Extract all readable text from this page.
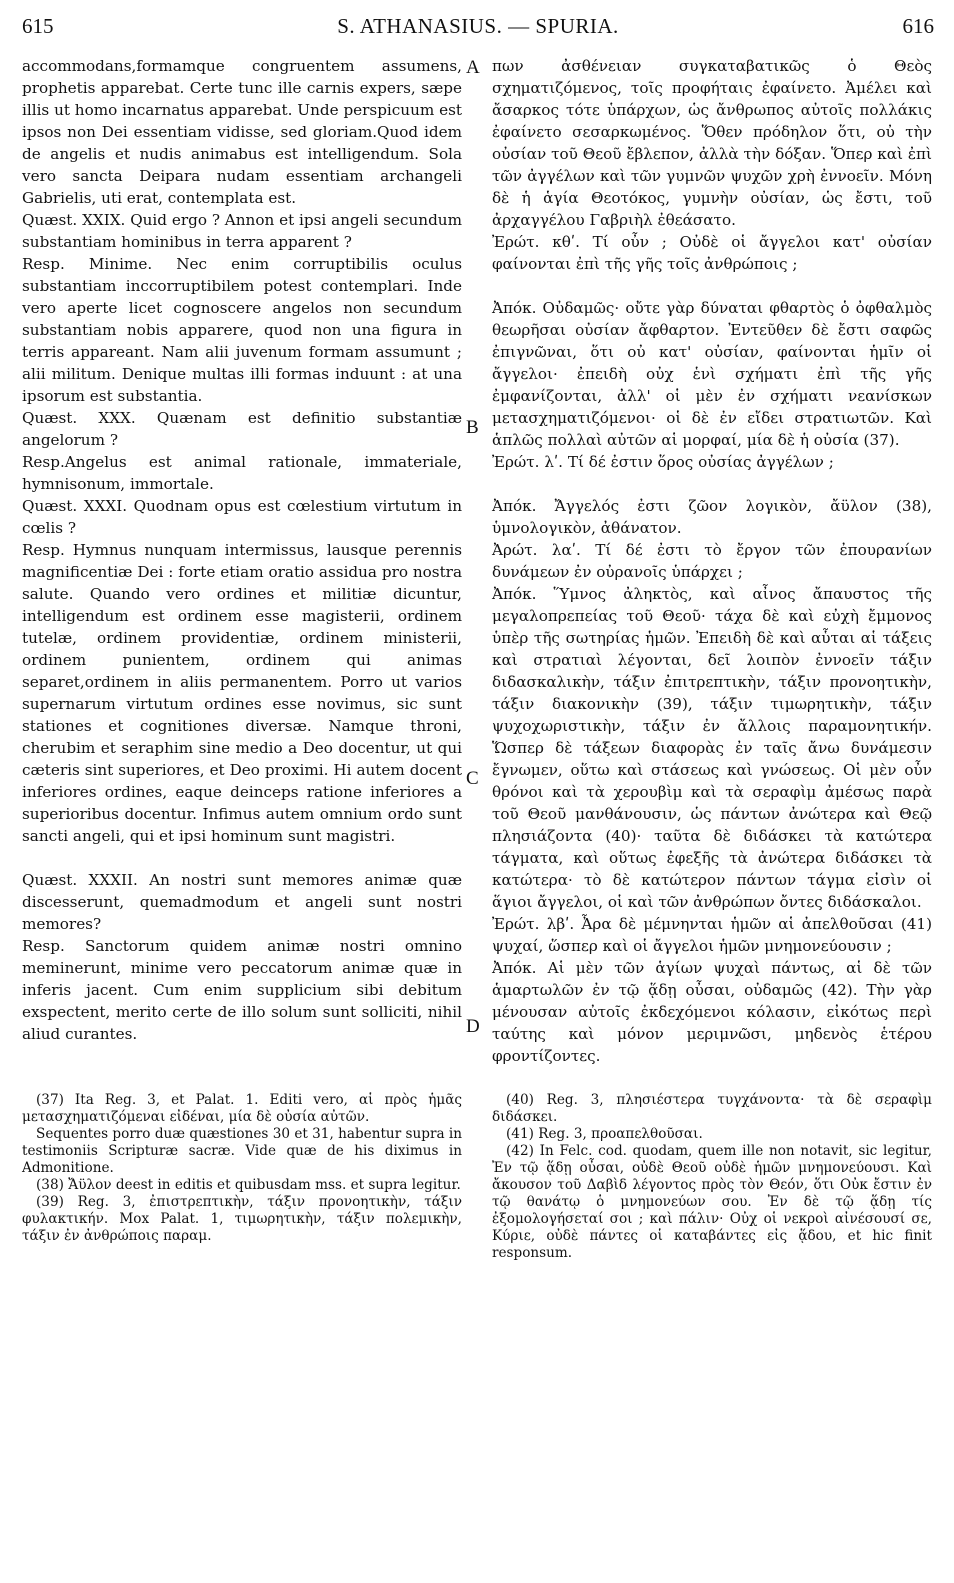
615	S. ATHANASIUS. — SPURIA.	616
A
B
C
D

accommodans,formamque congruentem assumens, prophetis apparebat. Certe tunc ille carnis expers, sæpe illis ut homo incarnatus apparebat. Unde perspicuum est ipsos non Dei essentiam vidisse, sed gloriam.Quod idem de angelis et nudis animabus est intelligendum. Sola vero sancta Deipara nudam essentiam archangeli Gabrielis, uti erat, contemplata est.

Quæst. XXIX. Quid ergo ? Annon et ipsi angeli secundum substantiam hominibus in terra apparent ?

Resp. Minime. Nec enim corruptibilis oculus substantiam inccorruptibilem potest contemplari. Inde vero aperte licet cognoscere angelos non secundum substantiam nobis apparere, quod non una figura in terris appareant. Nam alii juvenum formam assumunt ; alii militum. Denique multas illi formas induunt : at una ipsorum est substantia.

Quæst. XXX. Quænam est definitio substantiæ angelorum ?

Resp.Angelus est animal rationale, immateriale, hymnisonum, immortale.

Quæst. XXXI. Quodnam opus est cœlestium virtutum in cœlis ?

Resp. Hymnus nunquam intermissus, lausque perennis magnificentiæ Dei : forte etiam oratio assidua pro nostra salute. Quando vero ordines et militiæ dicuntur, intelligendum est ordinem esse magisterii, ordinem tutelæ, ordinem providentiæ, ordinem ministerii, ordinem punientem, ordinem qui animas separet,ordinem in aliis permanentem. Porro ut varios supernarum virtutum ordines esse novimus, sic sunt stationes et cognitiones diversæ. Namque throni, cherubim et seraphim sine medio a Deo docentur, ut qui cæteris sint superiores, et Deo proximi. Hi autem docent inferiores ordines, eaque deinceps ratione inferiores a superioribus docentur. Infimus autem omnium ordo sunt sancti angeli, qui et ipsi hominum sunt magistri.

Quæst. XXXII. An nostri sunt memores animæ quæ discesserunt, quemadmodum et angeli sunt nostri memores?

Resp. Sanctorum quidem animæ nostri omnino meminerunt, minime vero peccatorum animæ quæ in inferis jacent. Cum enim supplicium sibi debitum exspectent, merito certe de illo solum sunt solliciti, nihil aliud curantes.

πων ἀσθένειαν συγκαταβατικῶς ὁ Θεὸς σχηματιζόμενος, τοῖς προφήταις ἐφαίνετο. Ἀμέλει καὶ ἄσαρκος τότε ὑπάρχων, ὡς ἄνθρωπος αὐτοῖς πολλάκις ἐφαίνετο σεσαρκωμένος. Ὅθεν πρόδηλον ὅτι, οὐ τὴν οὐσίαν τοῦ Θεοῦ ἔβλεπον, ἀλλὰ τὴν δόξαν. Ὅπερ καὶ ἐπὶ τῶν ἀγγέλων καὶ τῶν γυμνῶν ψυχῶν χρὴ ἐννοεῖν. Μόνη δὲ ἡ ἁγία Θεοτόκος, γυμνὴν οὐσίαν, ὡς ἔστι, τοῦ ἀρχαγγέλου Γαβριὴλ ἐθεάσατο.

Ἐρώτ. κθʹ. Τί οὖν ; Οὐδὲ οἱ ἄγγελοι κατ' οὐσίαν φαίνονται ἐπὶ τῆς γῆς τοῖς ἀνθρώποις ;

Ἀπόκ. Οὐδαμῶς· οὔτε γὰρ δύναται φθαρτὸς ὁ ὀφθαλμὸς θεωρῆσαι οὐσίαν ἄφθαρτον. Ἐντεῦθεν δὲ ἔστι σαφῶς ἐπιγνῶναι, ὅτι οὐ κατ' οὐσίαν, φαίνονται ἡμῖν οἱ ἄγγελοι· ἐπειδὴ οὐχ ἑνὶ σχήματι ἐπὶ τῆς γῆς ἐμφανίζονται, ἀλλ' οἱ μὲν ἐν σχήματι νεανίσκων μετασχηματιζόμενοι· οἱ δὲ ἐν εἴδει στρατιωτῶν. Καὶ ἁπλῶς πολλαὶ αὐτῶν αἱ μορφαί, μία δὲ ἡ οὐσία (37).

Ἐρώτ. λʹ. Τί δέ ἐστιν ὅρος οὐσίας ἀγγέλων ;

Ἀπόκ. Ἄγγελός ἐστι ζῶον λογικὸν, ἄϋλον (38), ὑμνολογικὸν, ἀθάνατον.

Ἀρώτ. λαʹ. Τί δέ ἐστι τὸ ἔργον τῶν ἐπουρανίων δυνάμεων ἐν οὐρανοῖς ὑπάρχει ;

Ἀπόκ. Ὕμνος ἀληκτὸς, καὶ αἶνος ἄπαυστος τῆς μεγαλοπρεπείας τοῦ Θεοῦ· τάχα δὲ καὶ εὐχὴ ἔμμονος ὑπὲρ τῆς σωτηρίας ἡμῶν. Ἐπειδὴ δὲ καὶ αὗται αἱ τάξεις καὶ στρατιαὶ λέγονται, δεῖ λοιπὸν ἐννοεῖν τάξιν διδασκαλικὴν, τάξιν ἐπιτρεπτικὴν, τάξιν προνοητικὴν, τάξιν διακονικὴν (39), τάξιν τιμωρητικὴν, τάξιν ψυχοχωριστικὴν, τάξιν ἐν ἄλλοις παραμονητικήν. Ὥσπερ δὲ τάξεων διαφορὰς ἐν ταῖς ἄνω δυνάμεσιν ἔγνωμεν, οὕτω καὶ στάσεως καὶ γνώσεως. Οἱ μὲν οὖν θρόνοι καὶ τὰ χερουβὶμ καὶ τὰ σεραφὶμ ἀμέσως παρὰ τοῦ Θεοῦ μανθάνουσιν, ὡς πάντων ἀνώτερα καὶ Θεῷ πλησιάζοντα (40)· ταῦτα δὲ διδάσκει τὰ κατώτερα τάγματα, καὶ οὕτως ἐφεξῆς τὰ ἀνώτερα διδάσκει τὰ κατώτερα· τὸ δὲ κατώτερον πάντων τάγμα εἰσὶν οἱ ἅγιοι ἄγγελοι, οἱ καὶ τῶν ἀνθρώπων ὄντες διδάσκαλοι.

Ἐρώτ. λβʹ. Ἆρα δὲ μέμνηνται ἡμῶν αἱ ἀπελθοῦσαι (41) ψυχαί, ὥσπερ καὶ οἱ ἄγγελοι ἡμῶν μνημονεύουσιν ;

Ἀπόκ. Αἱ μὲν τῶν ἁγίων ψυχαὶ πάντως, αἱ δὲ τῶν ἁμαρτωλῶν ἐν τῷ ᾅδῃ οὖσαι, οὐδαμῶς (42). Τὴν γὰρ μένουσαν αὐτοῖς ἐκδεχόμενοι κόλασιν, εἰκότως περὶ ταύτης καὶ μόνον μεριμνῶσι, μηδενὸς ἑτέρου φροντίζοντες.

(37) Ita Reg. 3, et Palat. 1. Editi vero, αἱ πρὸς ἡμᾶς μετασχηματιζόμεναι εἰδέναι, μία δὲ οὐσία αὐτῶν.

Sequentes porro duæ quæstiones 30 et 31, habentur supra in testimoniis Scripturæ sacræ. Vide quæ de his diximus in Admonitione.

(38) Ἄϋλον deest in editis et quibusdam mss. et supra legitur.

(39) Reg. 3, ἐπιστρεπτικὴν, τάξιν προνοητικὴν, τάξιν φυλακτικήν. Mox Palat. 1, τιμωρητικὴν, τάξιν πολεμικὴν, τάξιν ἐν ἀνθρώποις παραμ.

(40) Reg. 3, πλησιέστερα τυγχάνοντα· τὰ δὲ σεραφὶμ διδάσκει.

(41) Reg. 3, προαπελθοῦσαι.

(42) In Felc. cod. quodam, quem ille non notavit, sic legitur, Ἐν τῷ ᾅδῃ οὖσαι, οὐδὲ Θεοῦ οὐδὲ ἡμῶν μνημονεύουσι. Καὶ ἄκουσον τοῦ Δαβὶδ λέγοντος πρὸς τὸν Θεόν, ὅτι Οὐκ ἔστιν ἐν τῷ θανάτῳ ὁ μνημονεύων σου. Ἐν δὲ τῷ ᾅδῃ τίς ἐξομολογήσεταί σοι ; καὶ πάλιν· Οὐχ οἱ νεκροὶ αἰνέσουσί σε, Κύριε, οὐδὲ πάντες οἱ καταβάντες εἰς ᾅδου, et hic finit responsum.
